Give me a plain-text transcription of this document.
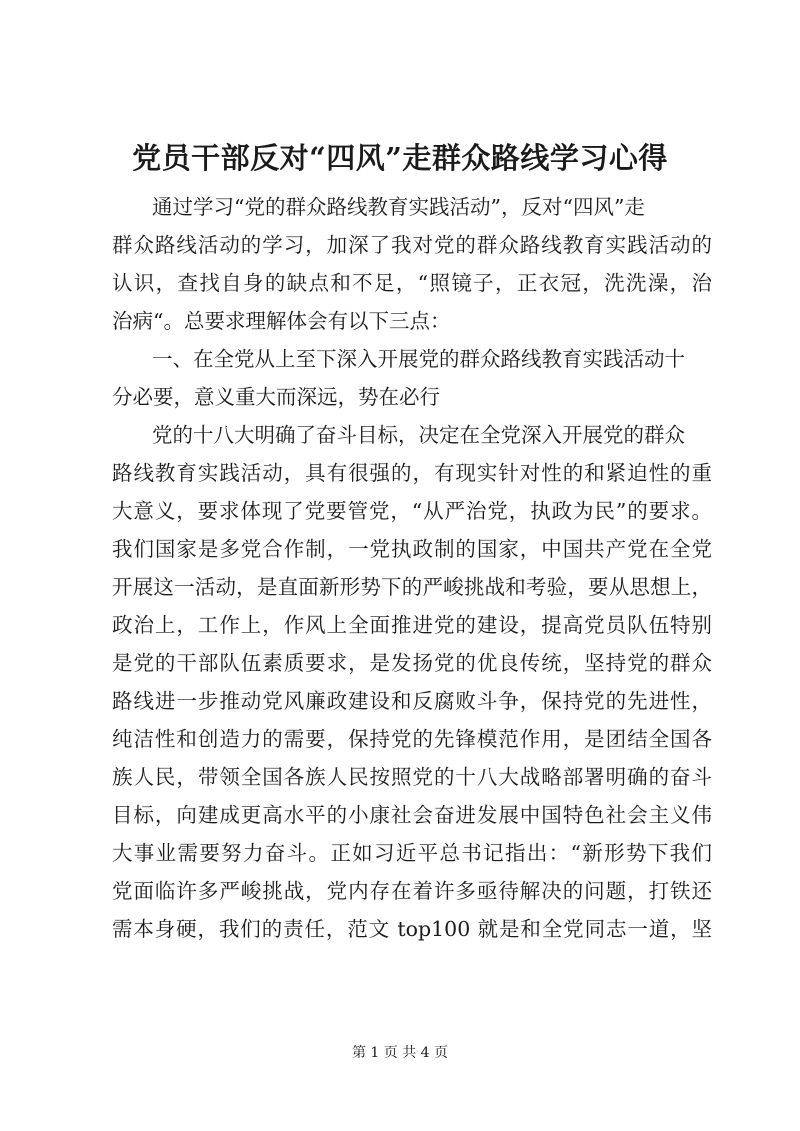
党员干部反对“四风”走群众路线学习心得
通过学习“党的群众路线教育实践活动”，反对“四风”走
群众路线活动的学习，加深了我对党的群众路线教育实践活动的
认识，查找自身的缺点和不足，“照镜子，正衣冠，洗洗澡，治
治病“。总要求理解体会有以下三点：
一、在全党从上至下深入开展党的群众路线教育实践活动十
分必要，意义重大而深远，势在必行
党的十八大明确了奋斗目标，决定在全党深入开展党的群众
路线教育实践活动，具有很强的，有现实针对性的和紧迫性的重
大意义，要求体现了党要管党，“从严治党，执政为民”的要求。
我们国家是多党合作制，一党执政制的国家，中国共产党在全党
开展这一活动，是直面新形势下的严峻挑战和考验，要从思想上，
政治上，工作上，作风上全面推进党的建设，提高党员队伍特别
是党的干部队伍素质要求，是发扬党的优良传统，坚持党的群众
路线进一步推动党风廉政建设和反腐败斗争，保持党的先进性，
纯洁性和创造力的需要，保持党的先锋模范作用，是团结全国各
族人民，带领全国各族人民按照党的十八大战略部署明确的奋斗
目标，向建成更高水平的小康社会奋进发展中国特色社会主义伟
大事业需要努力奋斗。正如习近平总书记指出：“新形势下我们
党面临许多严峻挑战，党内存在着许多亟待解决的问题，打铁还
需本身硬，我们的责任，范文 top100 就是和全党同志一道，坚
第 1 页 共 4 页
